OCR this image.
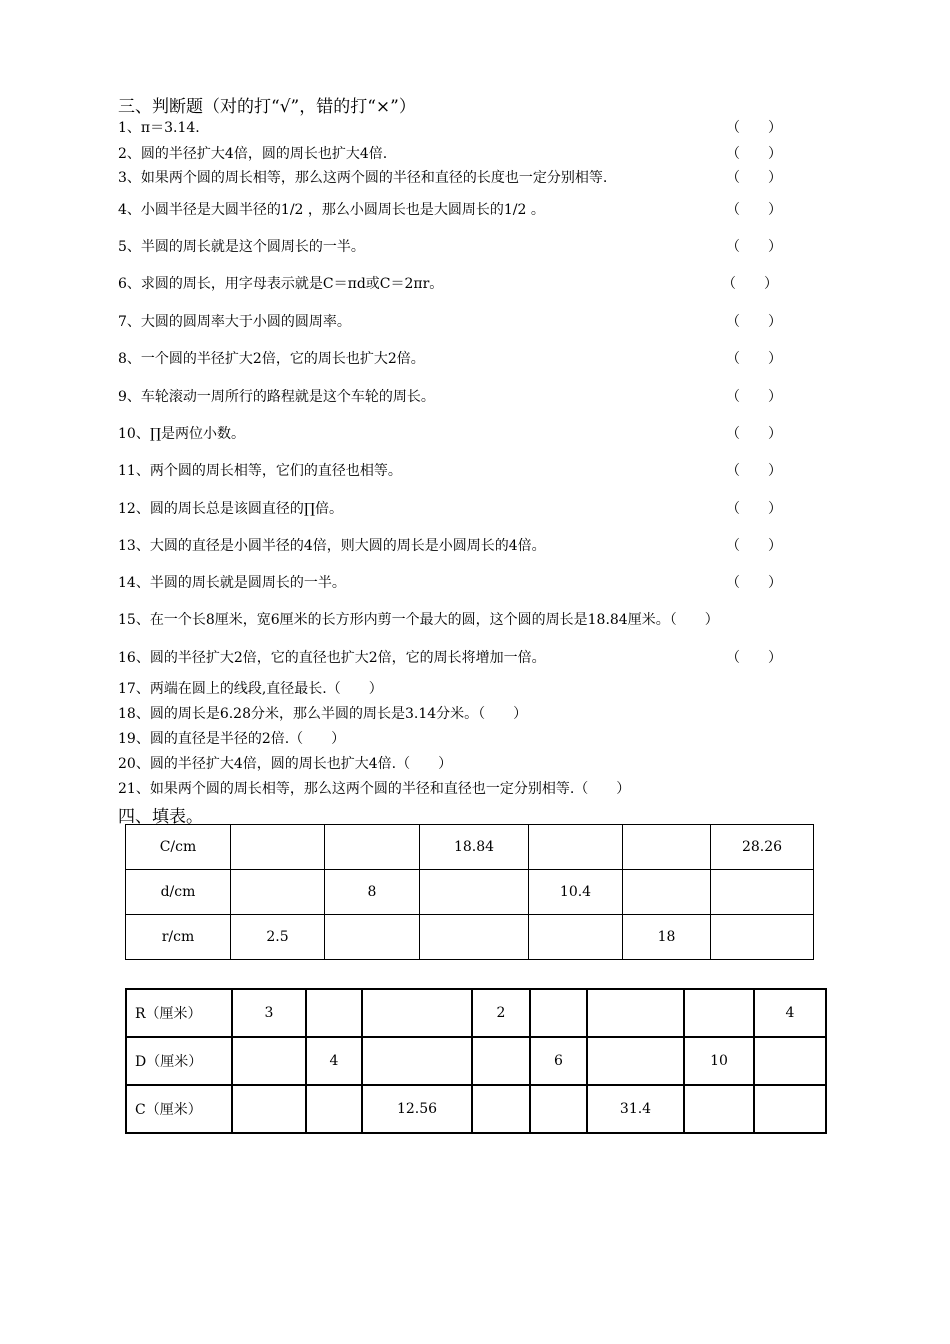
三、判断题（对的打“√”，错的打“×”）
1、π＝3.14.	（　　）
2、圆的半径扩大4倍，圆的周长也扩大4倍.	（　　）
3、如果两个圆的周长相等，那么这两个圆的半径和直径的长度也一定分别相等.	（　　）
4、小圆半径是大圆半径的1/2 ，那么小圆周长也是大圆周长的1/2 。	（　　）
5、半圆的周长就是这个圆周长的一半。	（　　）
6、求圆的周长，用字母表示就是C＝πd或C＝2πr。	（　　）
7、大圆的圆周率大于小圆的圆周率。	（　　）
8、一个圆的半径扩大2倍，它的周长也扩大2倍。	（　　）
9、车轮滚动一周所行的路程就是这个车轮的周长。	（　　）
10、∏是两位小数。	（　　）
11、两个圆的周长相等，它们的直径也相等。	（　　）
12、圆的周长总是该圆直径的∏倍。	（　　）
13、大圆的直径是小圆半径的4倍，则大圆的周长是小圆周长的4倍。	（　　）
14、半圆的周长就是圆周长的一半。	（　　）
15、在一个长8厘米，宽6厘米的长方形内剪一个最大的圆，这个圆的周长是18.84厘米。（　　）
16、圆的半径扩大2倍，它的直径也扩大2倍，它的周长将增加一倍。	（　　）
17、两端在圆上的线段,直径最长.（　　）
18、圆的周长是6.28分米，那么半圆的周长是3.14分米。（　　）
19、圆的直径是半径的2倍.（　　）
20、圆的半径扩大4倍，圆的周长也扩大4倍.（　　）
21、如果两个圆的周长相等，那么这两个圆的半径和直径也一定分别相等.（　　）
四、填表。
C/cm			18.84			28.26
d/cm		8		10.4		
r/cm	2.5				18	
R（厘米）	3			2				4
D（厘米）		4			6		10	
C（厘米）			12.56			31.4		
